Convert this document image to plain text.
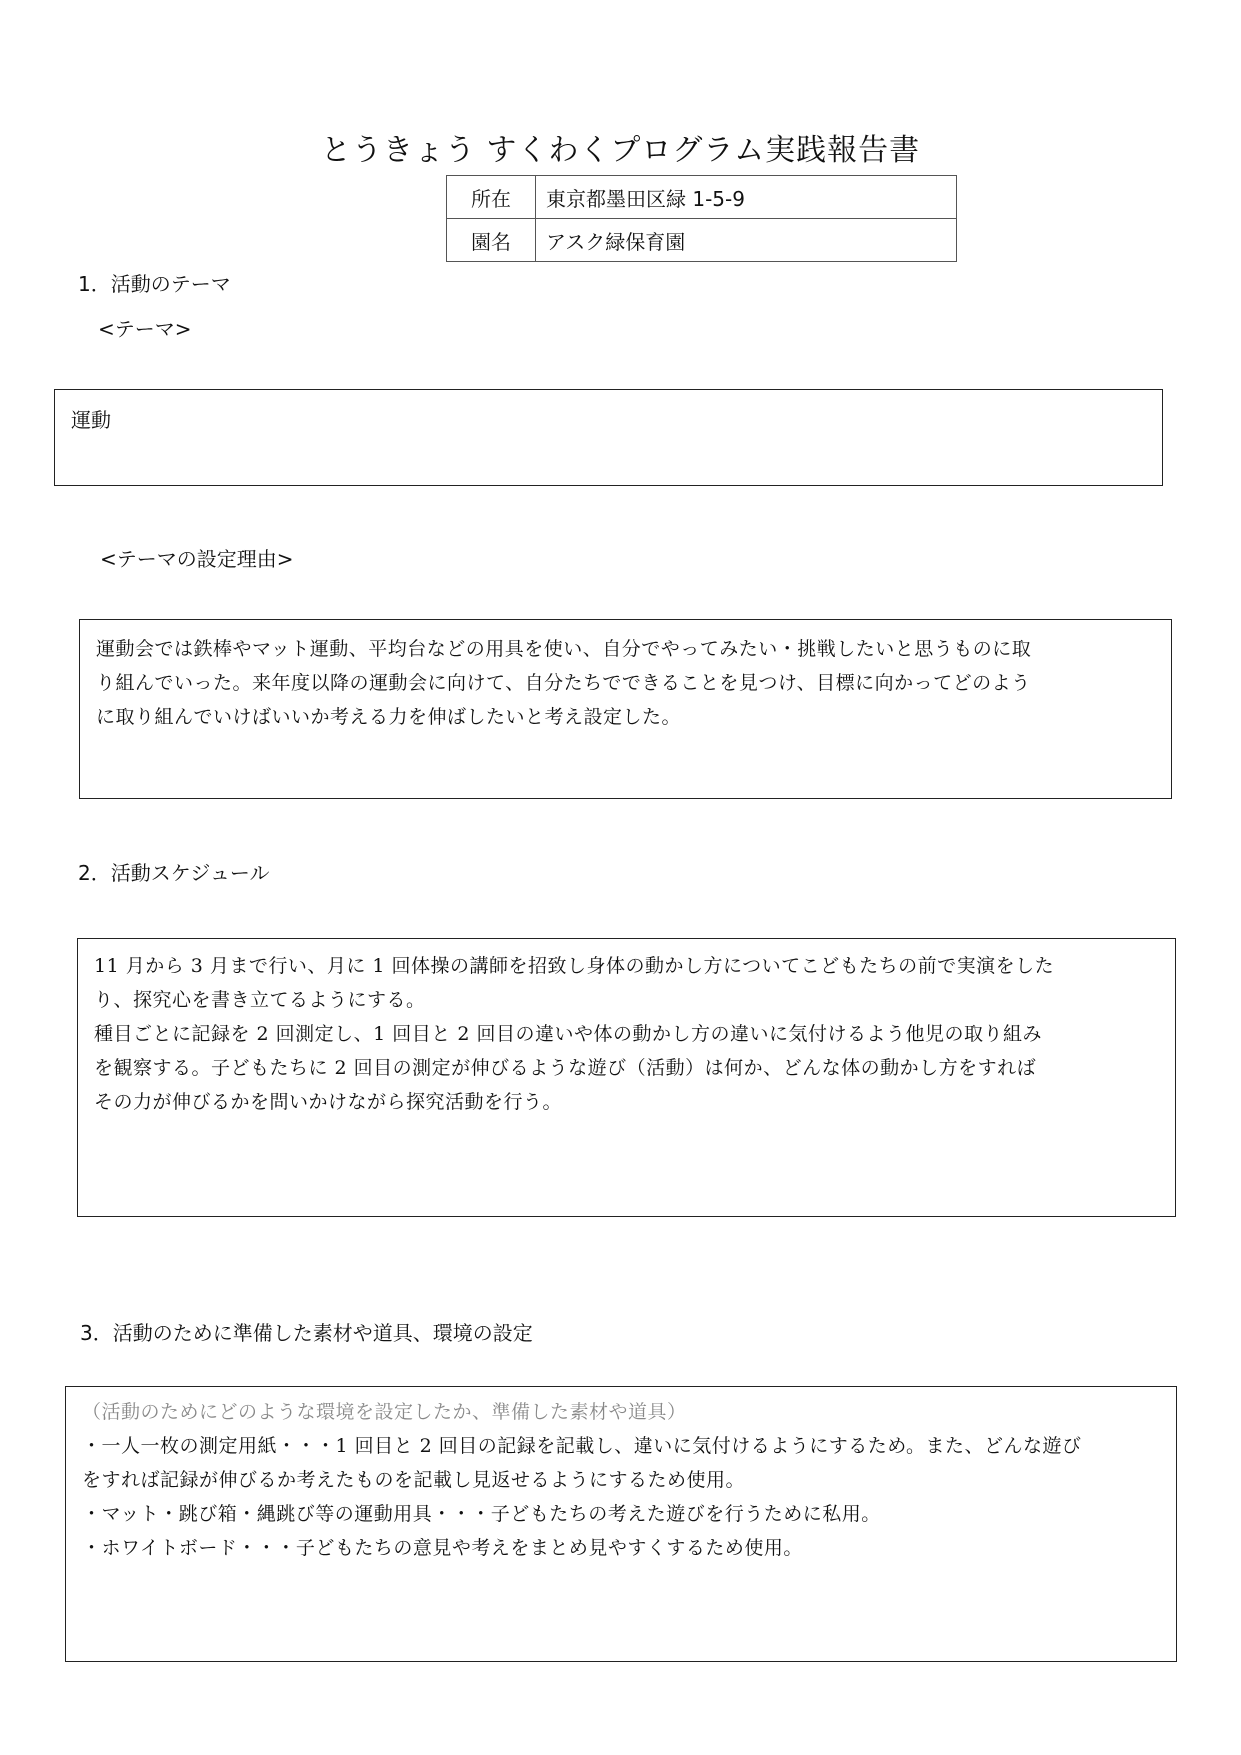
とうきょう すくわくプログラム実践報告書
所在	東京都墨田区緑 1-5-9
園名	アスク緑保育園
1．活動のテーマ
<テーマ>
運動
<テーマの設定理由>
運動会では鉄棒やマット運動、平均台などの用具を使い、自分でやってみたい・挑戦したいと思うものに取
り組んでいった。来年度以降の運動会に向けて、自分たちでできることを見つけ、目標に向かってどのよう
に取り組んでいけばいいか考える力を伸ばしたいと考え設定した。
2．活動スケジュール
11 月から 3 月まで行い、月に 1 回体操の講師を招致し身体の動かし方についてこどもたちの前で実演をした
り、探究心を書き立てるようにする。
種目ごとに記録を 2 回測定し、1 回目と 2 回目の違いや体の動かし方の違いに気付けるよう他児の取り組み
を観察する。子どもたちに 2 回目の測定が伸びるような遊び（活動）は何か、どんな体の動かし方をすれば
その力が伸びるかを問いかけながら探究活動を行う。
3．活動のために準備した素材や道具、環境の設定
（活動のためにどのような環境を設定したか、準備した素材や道具）
・一人一枚の測定用紙・・・1 回目と 2 回目の記録を記載し、違いに気付けるようにするため。また、どんな遊び
をすれば記録が伸びるか考えたものを記載し見返せるようにするため使用。
・マット・跳び箱・縄跳び等の運動用具・・・子どもたちの考えた遊びを行うために私用。
・ホワイトボード・・・子どもたちの意見や考えをまとめ見やすくするため使用。
